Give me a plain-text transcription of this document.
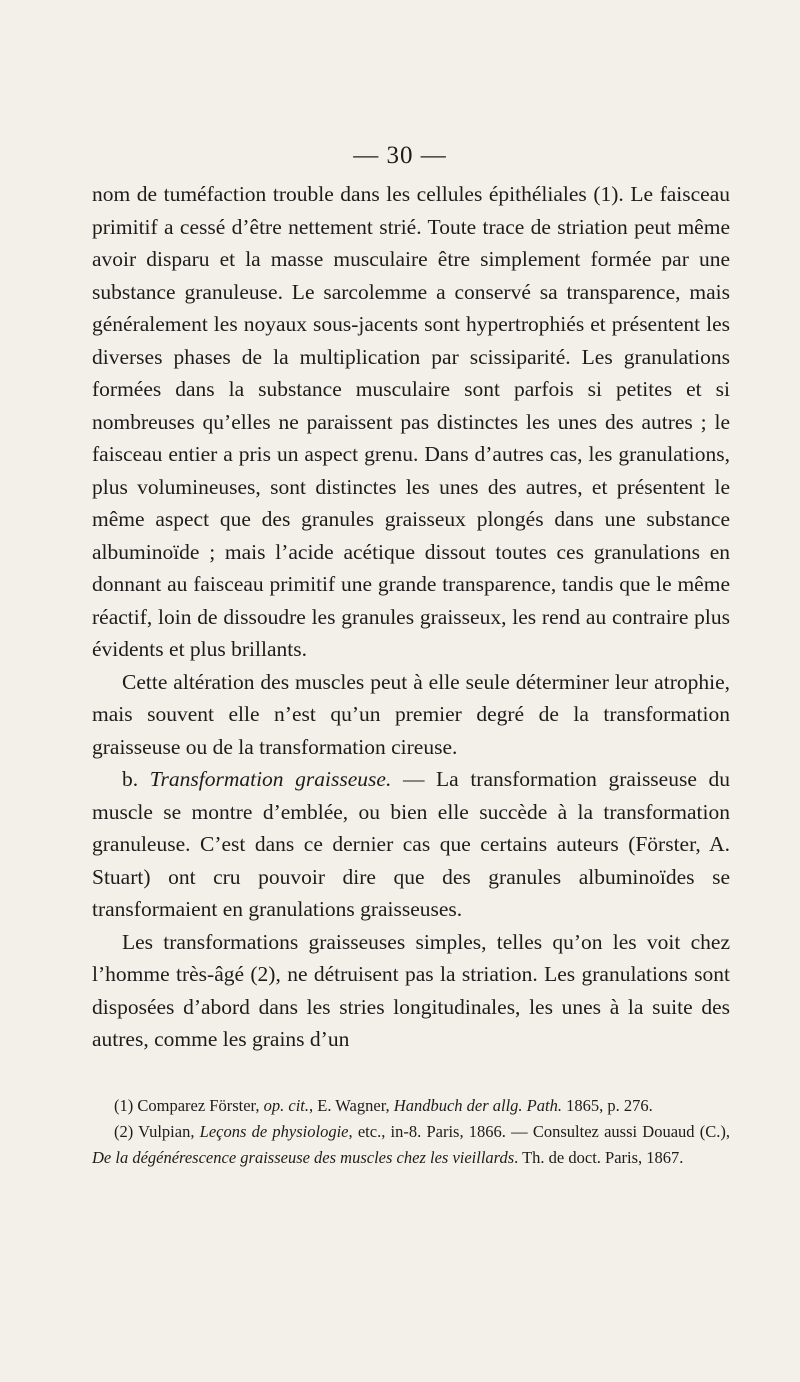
— 30 —

nom de tuméfaction trouble dans les cellules épithéliales (1). Le faisceau primitif a cessé d’être nettement strié. Toute trace de striation peut même avoir disparu et la masse musculaire être simplement formée par une substance granuleuse. Le sarcolemme a conservé sa transparence, mais généralement les noyaux sous-jacents sont hypertrophiés et présentent les diverses phases de la multiplication par scissiparité. Les granulations formées dans la substance musculaire sont parfois si petites et si nombreuses qu’elles ne paraissent pas distinctes les unes des autres ; le faisceau entier a pris un aspect grenu. Dans d’autres cas, les granulations, plus volumineuses, sont distinctes les unes des autres, et présentent le même aspect que des granules graisseux plongés dans une substance albuminoïde ; mais l’acide acétique dissout toutes ces granulations en donnant au faisceau primitif une grande transparence, tandis que le même réactif, loin de dissoudre les granules graisseux, les rend au contraire plus évidents et plus brillants.

Cette altération des muscles peut à elle seule déterminer leur atrophie, mais souvent elle n’est qu’un premier degré de la transformation graisseuse ou de la transformation cireuse.

b. Transformation graisseuse. — La transformation graisseuse du muscle se montre d’emblée, ou bien elle succède à la transformation granuleuse. C’est dans ce dernier cas que certains auteurs (Förster, A. Stuart) ont cru pouvoir dire que des granules albuminoïdes se transformaient en granulations graisseuses.

Les transformations graisseuses simples, telles qu’on les voit chez l’homme très-âgé (2), ne détruisent pas la striation. Les granulations sont disposées d’abord dans les stries longitudinales, les unes à la suite des autres, comme les grains d’un

(1) Comparez Förster, op. cit., E. Wagner, Handbuch der allg. Path. 1865, p. 276.

(2) Vulpian, Leçons de physiologie, etc., in-8. Paris, 1866. — Consultez aussi Douaud (C.), De la dégénérescence graisseuse des muscles chez les vieillards. Th. de doct. Paris, 1867.
